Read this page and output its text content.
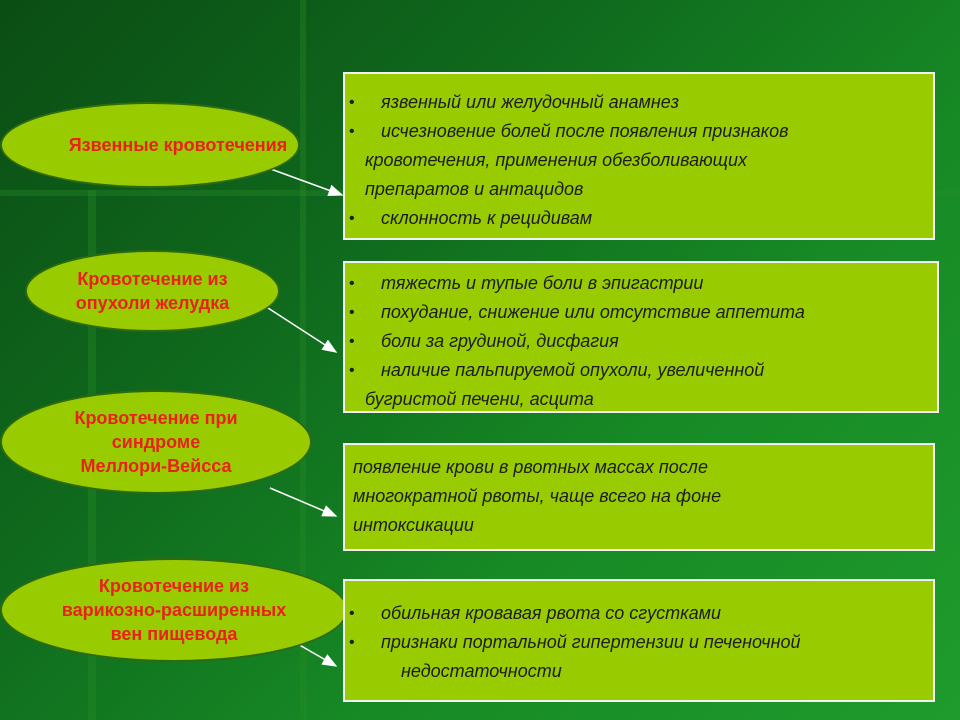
Язвенные кровотечения
• язвенный или желудочный анамнез
• исчезновение болей после появления признаков
кровотечения, применения обезболивающих
препаратов и антацидов
• склонность к рецидивам
Кровотечение из
опухоли желудка
• тяжесть и тупые боли в эпигастрии
• похудание, снижение или отсутствие аппетита
• боли за грудиной, дисфагия
• наличие пальпируемой опухоли, увеличенной
бугристой печени, асцита
Кровотечение при
синдроме
Меллори-Вейсса	появление крови в рвотных массах после
многократной рвоты, чаще всего на фоне
интоксикации
Кровотечение из
варикозно-расширенных
вен пищевода
• обильная кровавая рвота со сгустками
• признаки портальной гипертензии и печеночной
недостаточности
